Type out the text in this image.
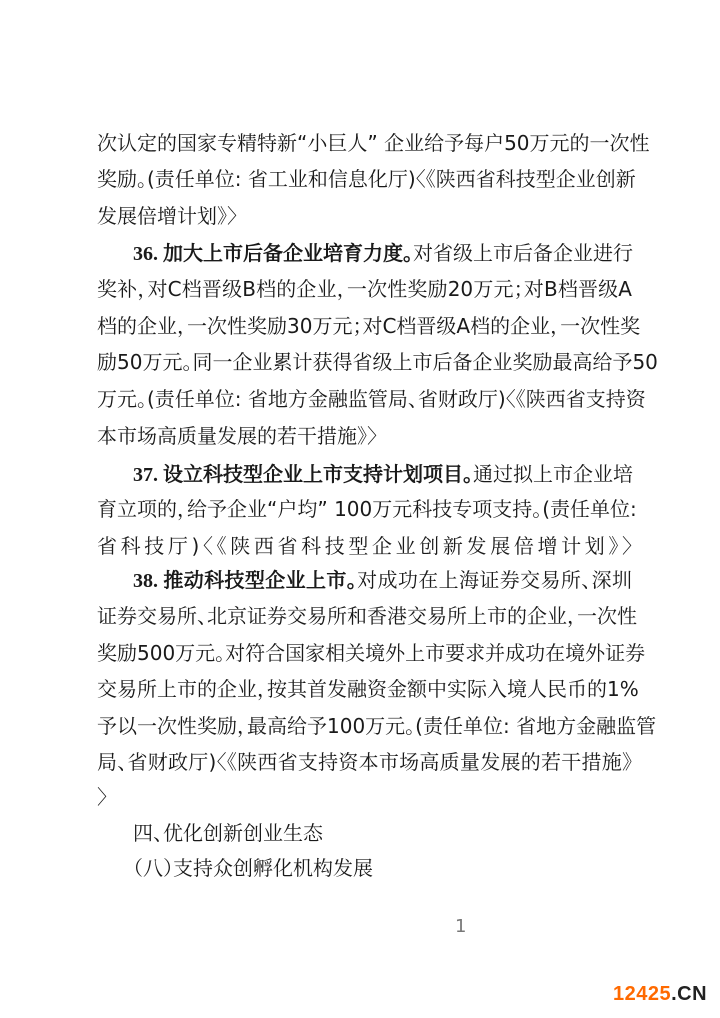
次认定的国家专精特新“小巨人” 企业给予每户50万元的一次性
奖励。(责任单位: 省工业和信息化厅)〈《陕西省科技型企业创新
发展倍增计划》〉
36. 加大上市后备企业培育力度。对省级上市后备企业进行
奖补，对C档晋级B档的企业，一次性奖励20万元；对B档晋级A
档的企业，一次性奖励30万元；对C档晋级A档的企业，一次性奖
励50万元。同一企业累计获得省级上市后备企业奖励最高给予50
万元。(责任单位: 省地方金融监管局、省财政厅)〈《陕西省支持资
本市场高质量发展的若干措施》〉
37. 设立科技型企业上市支持计划项目。通过拟上市企业培
育立项的，给予企业“户均” 100万元科技专项支持。(责任单位:
省科技厅)〈《陕西省科技型企业创新发展倍增计划》〉
38. 推动科技型企业上市。对成功在上海证券交易所、深圳
证券交易所、北京证券交易所和香港交易所上市的企业，一次性
奖励500万元。对符合国家相关境外上市要求并成功在境外证券
交易所上市的企业，按其首发融资金额中实际入境人民币的1%
予以一次性奖励，最高给予100万元。(责任单位: 省地方金融监管
局、省财政厅)〈《陕西省支持资本市场高质量发展的若干措施》
〉
四、优化创新创业生态
（八）支持众创孵化机构发展
1
12425.CN
